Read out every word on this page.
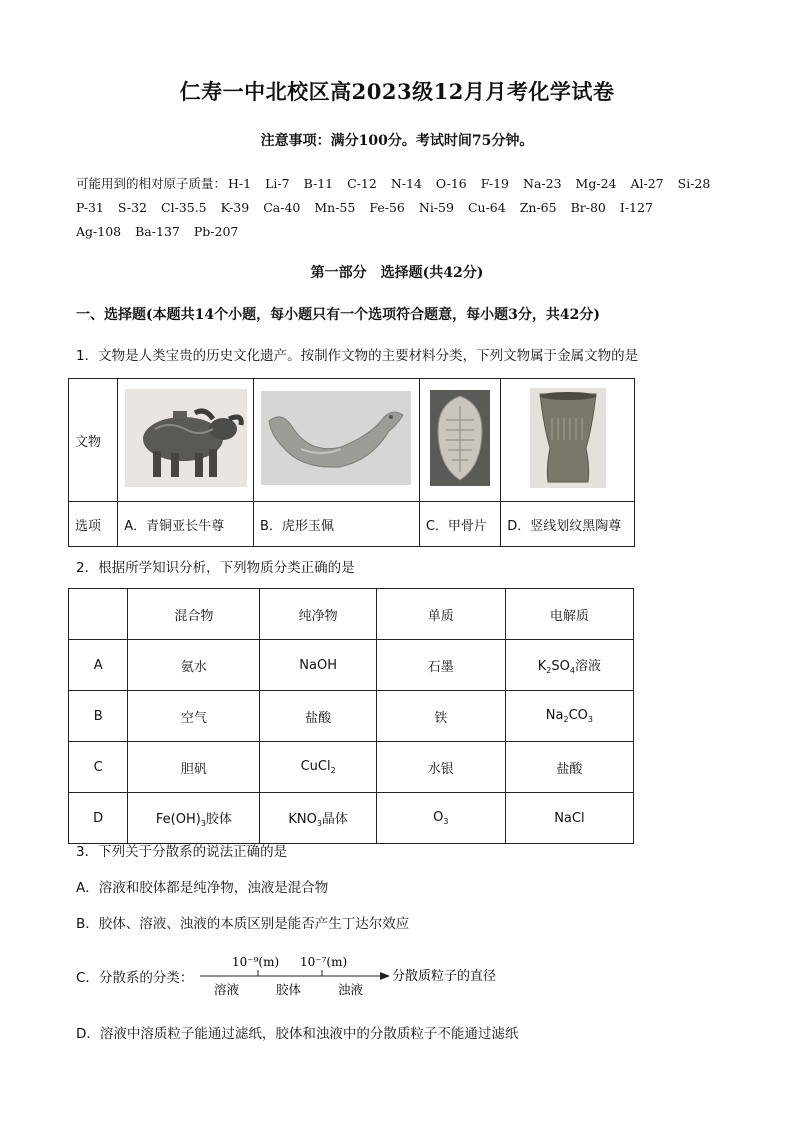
仁寿一中北校区高2023级12月月考化学试卷
注意事项：满分100分。考试时间75分钟。
可能用到的相对原子质量： H-1 Li-7 B-11 C-12 N-14 O-16 F-19 Na-23 Mg-24 Al-27 Si-28P-31 S-32 Cl-35.5 K-39 Ca-40 Mn-55 Fe-56 Ni-59 Cu-64 Zn-65 Br-80 I-127Ag-108 Ba-137 Pb-207
第一部分　选择题(共42分)
一、选择题(本题共14个小题，每小题只有一个选项符合题意，每小题3分，共42分)
1．文物是人类宝贵的历史文化遗产。按制作文物的主要材料分类，下列文物属于金属文物的是
文物				
选项	A．青铜亚长牛尊	B．虎形玉佩	C．甲骨片	D．竖线划纹黑陶尊
2．根据所学知识分析，下列物质分类正确的是
	混合物	纯净物	单质	电解质
A	氨水	NaOH	石墨	$K_2SO_4$溶液
B	空气	盐酸	铁	$Na_2CO_3$
C	胆矾	CuCl$_2$	水银	盐酸
D	$Fe(OH)_3$胶体	$KNO_3$晶体	$O_3$	NaCl
3．下列关于分散系的说法正确的是
A．溶液和胶体都是纯净物，浊液是混合物
B．胶体、溶液、浊液的本质区别是能否产生丁达尔效应
C．分散系的分类：
10⁻⁹(m) 10⁻⁷(m)
溶液	胶体	浊液
分散质粒子的直径
D．溶液中溶质粒子能通过滤纸，胶体和浊液中的分散质粒子不能通过滤纸
